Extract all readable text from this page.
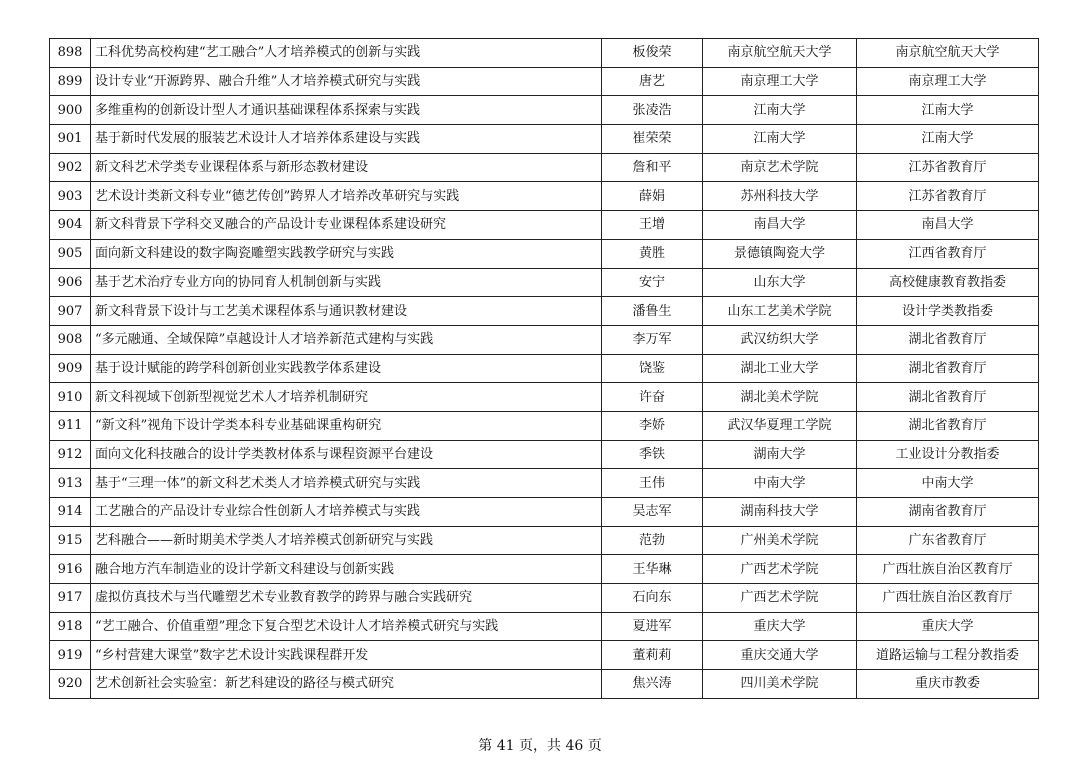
898	工科优势高校构建“艺工融合”人才培养模式的创新与实践	板俊荣	南京航空航天大学	南京航空航天大学
899	设计专业“开源跨界、融合升维”人才培养模式研究与实践	唐艺	南京理工大学	南京理工大学
900	多维重构的创新设计型人才通识基础课程体系探索与实践	张凌浩	江南大学	江南大学
901	基于新时代发展的服装艺术设计人才培养体系建设与实践	崔荣荣	江南大学	江南大学
902	新文科艺术学类专业课程体系与新形态教材建设	詹和平	南京艺术学院	江苏省教育厅
903	艺术设计类新文科专业“德艺传创”跨界人才培养改革研究与实践	薛娟	苏州科技大学	江苏省教育厅
904	新文科背景下学科交叉融合的产品设计专业课程体系建设研究	王增	南昌大学	南昌大学
905	面向新文科建设的数字陶瓷雕塑实践教学研究与实践	黄胜	景德镇陶瓷大学	江西省教育厅
906	基于艺术治疗专业方向的协同育人机制创新与实践	安宁	山东大学	高校健康教育教指委
907	新文科背景下设计与工艺美术课程体系与通识教材建设	潘鲁生	山东工艺美术学院	设计学类教指委
908	“多元融通、全域保障”卓越设计人才培养新范式建构与实践	李万军	武汉纺织大学	湖北省教育厅
909	基于设计赋能的跨学科创新创业实践教学体系建设	饶鉴	湖北工业大学	湖北省教育厅
910	新文科视域下创新型视觉艺术人才培养机制研究	许奋	湖北美术学院	湖北省教育厅
911	“新文科”视角下设计学类本科专业基础课重构研究	李娇	武汉华夏理工学院	湖北省教育厅
912	面向文化科技融合的设计学类教材体系与课程资源平台建设	季铁	湖南大学	工业设计分教指委
913	基于“三理一体”的新文科艺术类人才培养模式研究与实践	王伟	中南大学	中南大学
914	工艺融合的产品设计专业综合性创新人才培养模式与实践	吴志军	湖南科技大学	湖南省教育厅
915	艺科融合——新时期美术学类人才培养模式创新研究与实践	范勃	广州美术学院	广东省教育厅
916	融合地方汽车制造业的设计学新文科建设与创新实践	王华琳	广西艺术学院	广西壮族自治区教育厅
917	虚拟仿真技术与当代雕塑艺术专业教育教学的跨界与融合实践研究	石向东	广西艺术学院	广西壮族自治区教育厅
918	“艺工融合、价值重塑”理念下复合型艺术设计人才培养模式研究与实践	夏进军	重庆大学	重庆大学
919	“乡村营建大课堂”数字艺术设计实践课程群开发	董莉莉	重庆交通大学	道路运输与工程分教指委
920	艺术创新社会实验室：新艺科建设的路径与模式研究	焦兴涛	四川美术学院	重庆市教委
第 41 页，共 46 页
